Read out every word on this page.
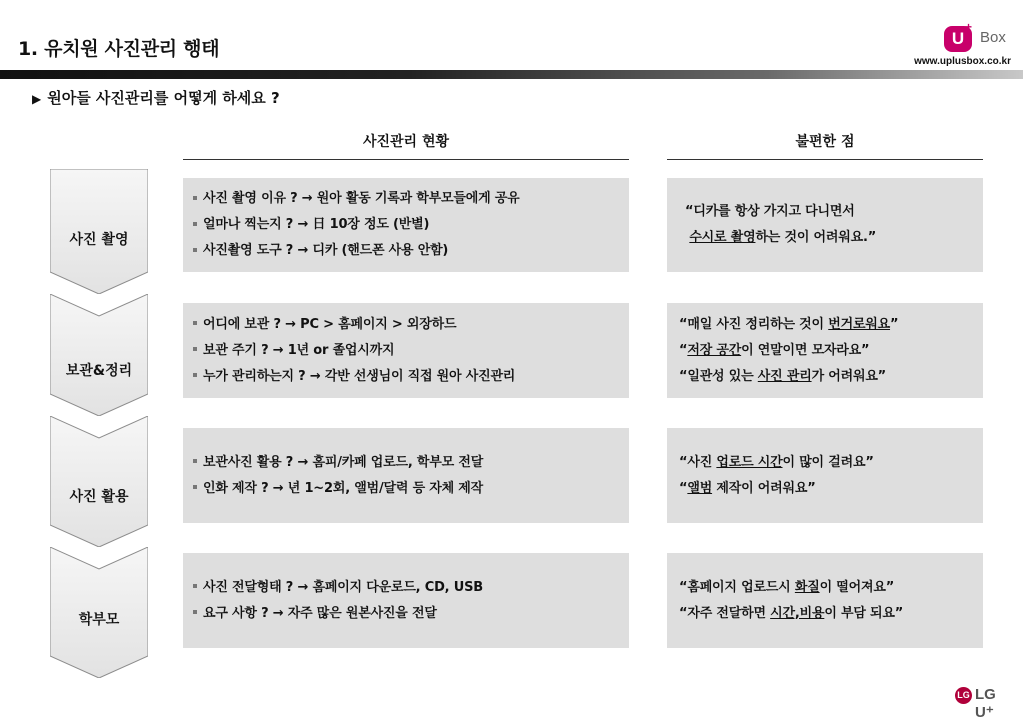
1. 유치원 사진관리 행태	U
+
Box
www.uplusbox.co.kr
▶ 원아들 사진관리를 어떻게 하세요 ?
사진관리 현황	불편한 점
사진 촬영
사진 촬영 이유 ? → 원아 활동 기록과 학부모들에게 공유
얼마나 찍는지 ? → 日 10장 정도 (반별)
사진촬영 도구 ? → 디카 (핸드폰 사용 안함)
“디카를 항상 가지고 다니면서
수시로 촬영하는 것이 어려워요.”
보관&정리
어디에 보관 ? → PC > 홈페이지 > 외장하드
보관 주기 ? → 1년 or 졸업시까지
누가 관리하는지 ? → 각반 선생님이 직접 원아 사진관리
“매일 사진 정리하는 것이 번거로워요”
“저장 공간이 연말이면 모자라요”
“일관성 있는 사진 관리가 어려워요”
사진 활용
보관사진 활용 ? → 홈피/카페 업로드, 학부모 전달
인화 제작 ? → 년 1~2회, 앨범/달력 등 자체 제작
“사진 업로드 시간이 많이 걸려요”
“앨범 제작이 어려워요”
학부모
사진 전달형태 ? → 홈페이지 다운로드, CD, USB
요구 사항 ? → 자주 많은 원본사진을 전달
“홈페이지 업로드시 화질이 떨어져요”
“자주 전달하면 시간,비용이 부담 되요”
LG LG U⁺
